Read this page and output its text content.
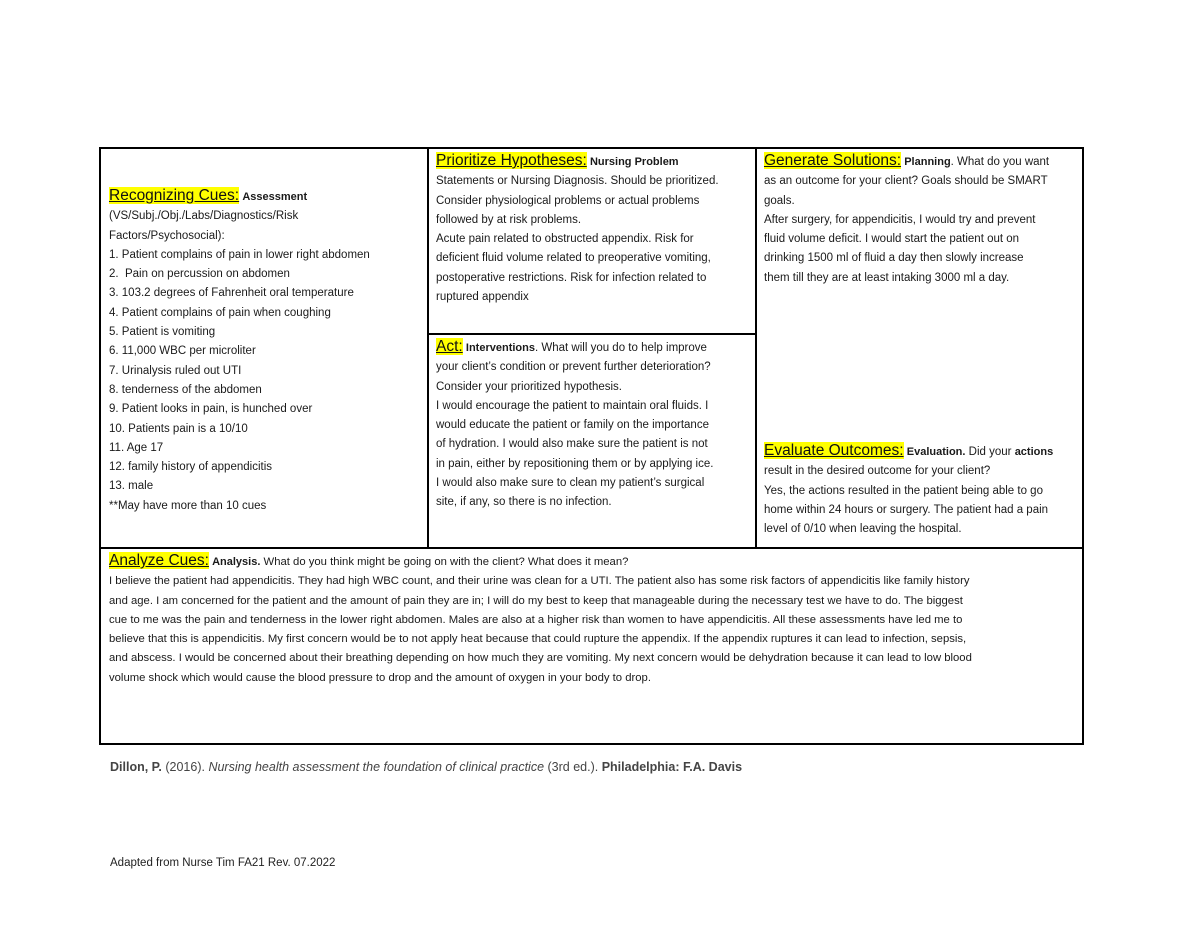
Recognizing Cues: Assessment
(VS/Subj./Obj./Labs/Diagnostics/Risk
Factors/Psychosocial):
1. Patient complains of pain in lower right abdomen
2.  Pain on percussion on abdomen
3. 103.2 degrees of Fahrenheit oral temperature
4. Patient complains of pain when coughing
5. Patient is vomiting
6. 11,000 WBC per microliter
7. Urinalysis ruled out UTI
8. tenderness of the abdomen
9. Patient looks in pain, is hunched over
10. Patients pain is a 10/10
11. Age 17
12. family history of appendicitis
13. male
**May have more than 10 cues
Prioritize Hypotheses: Nursing Problem
Statements or Nursing Diagnosis. Should be prioritized.
Consider physiological problems or actual problems
followed by at risk problems.
Acute pain related to obstructed appendix. Risk for
deficient fluid volume related to preoperative vomiting,
postoperative restrictions. Risk for infection related to
ruptured appendix
Act: Interventions. What will you do to help improve
your client’s condition or prevent further deterioration?
Consider your prioritized hypothesis.
I would encourage the patient to maintain oral fluids. I
would educate the patient or family on the importance
of hydration. I would also make sure the patient is not
in pain, either by repositioning them or by applying ice.
I would also make sure to clean my patient’s surgical
site, if any, so there is no infection.
Generate Solutions: Planning. What do you want
as an outcome for your client? Goals should be SMART
goals.
After surgery, for appendicitis, I would try and prevent
fluid volume deficit. I would start the patient out on
drinking 1500 ml of fluid a day then slowly increase
them till they are at least intaking 3000 ml a day.
Evaluate Outcomes: Evaluation. Did your actions
result in the desired outcome for your client?
Yes, the actions resulted in the patient being able to go
home within 24 hours or surgery. The patient had a pain
level of 0/10 when leaving the hospital.
Analyze Cues: Analysis. What do you think might be going on with the client? What does it mean?
I believe the patient had appendicitis. They had high WBC count, and their urine was clean for a UTI. The patient also has some risk factors of appendicitis like family history
and age. I am concerned for the patient and the amount of pain they are in; I will do my best to keep that manageable during the necessary test we have to do. The biggest
cue to me was the pain and tenderness in the lower right abdomen. Males are also at a higher risk than women to have appendicitis. All these assessments have led me to
believe that this is appendicitis. My first concern would be to not apply heat because that could rupture the appendix. If the appendix ruptures it can lead to infection, sepsis,
and abscess. I would be concerned about their breathing depending on how much they are vomiting. My next concern would be dehydration because it can lead to low blood
volume shock which would cause the blood pressure to drop and the amount of oxygen in your body to drop.
Dillon, P. (2016). Nursing health assessment the foundation of clinical practice (3rd ed.). Philadelphia: F.A. Davis
Adapted from Nurse Tim FA21 Rev. 07.2022
